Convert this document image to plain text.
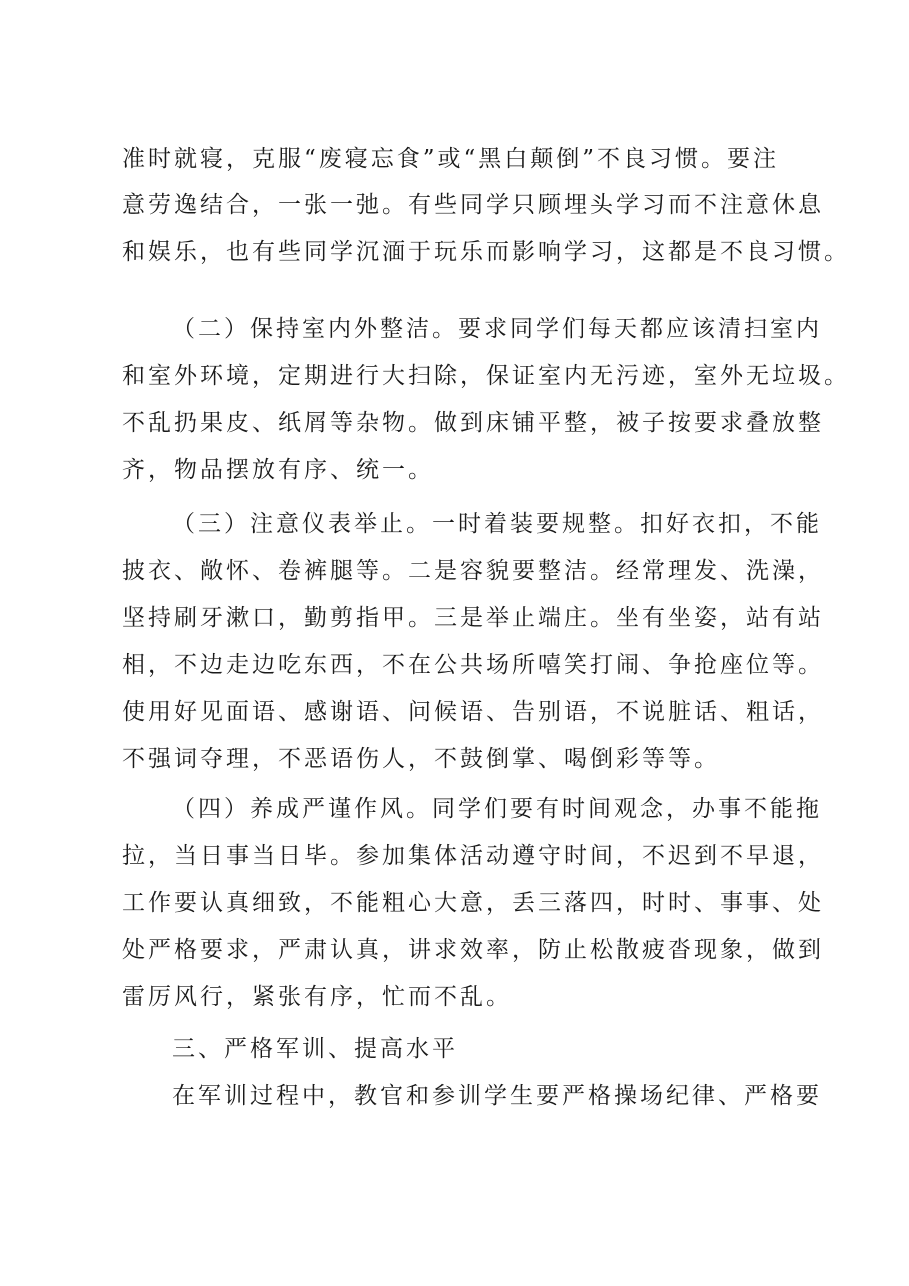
准时就寝，克服“废寝忘食”或“黑白颠倒”不良习惯。要注
意劳逸结合，一张一弛。有些同学只顾埋头学习而不注意休息
和娱乐，也有些同学沉湎于玩乐而影响学习，这都是不良习惯。
（二）保持室内外整洁。要求同学们每天都应该清扫室内
和室外环境，定期进行大扫除，保证室内无污迹，室外无垃圾。
不乱扔果皮、纸屑等杂物。做到床铺平整，被子按要求叠放整
齐，物品摆放有序、统一。
（三）注意仪表举止。一时着装要规整。扣好衣扣，不能
披衣、敞怀、卷裤腿等。二是容貌要整洁。经常理发、洗澡，
坚持刷牙漱口，勤剪指甲。三是举止端庄。坐有坐姿，站有站
相，不边走边吃东西，不在公共场所嘻笑打闹、争抢座位等。
使用好见面语、感谢语、问候语、告别语，不说脏话、粗话，
不强词夺理，不恶语伤人，不鼓倒掌、喝倒彩等等。
（四）养成严谨作风。同学们要有时间观念，办事不能拖
拉，当日事当日毕。参加集体活动遵守时间，不迟到不早退，
工作要认真细致，不能粗心大意，丢三落四，时时、事事、处
处严格要求，严肃认真，讲求效率，防止松散疲沓现象，做到
雷厉风行，紧张有序，忙而不乱。
三、严格军训、提高水平
在军训过程中，教官和参训学生要严格操场纪律、严格要
